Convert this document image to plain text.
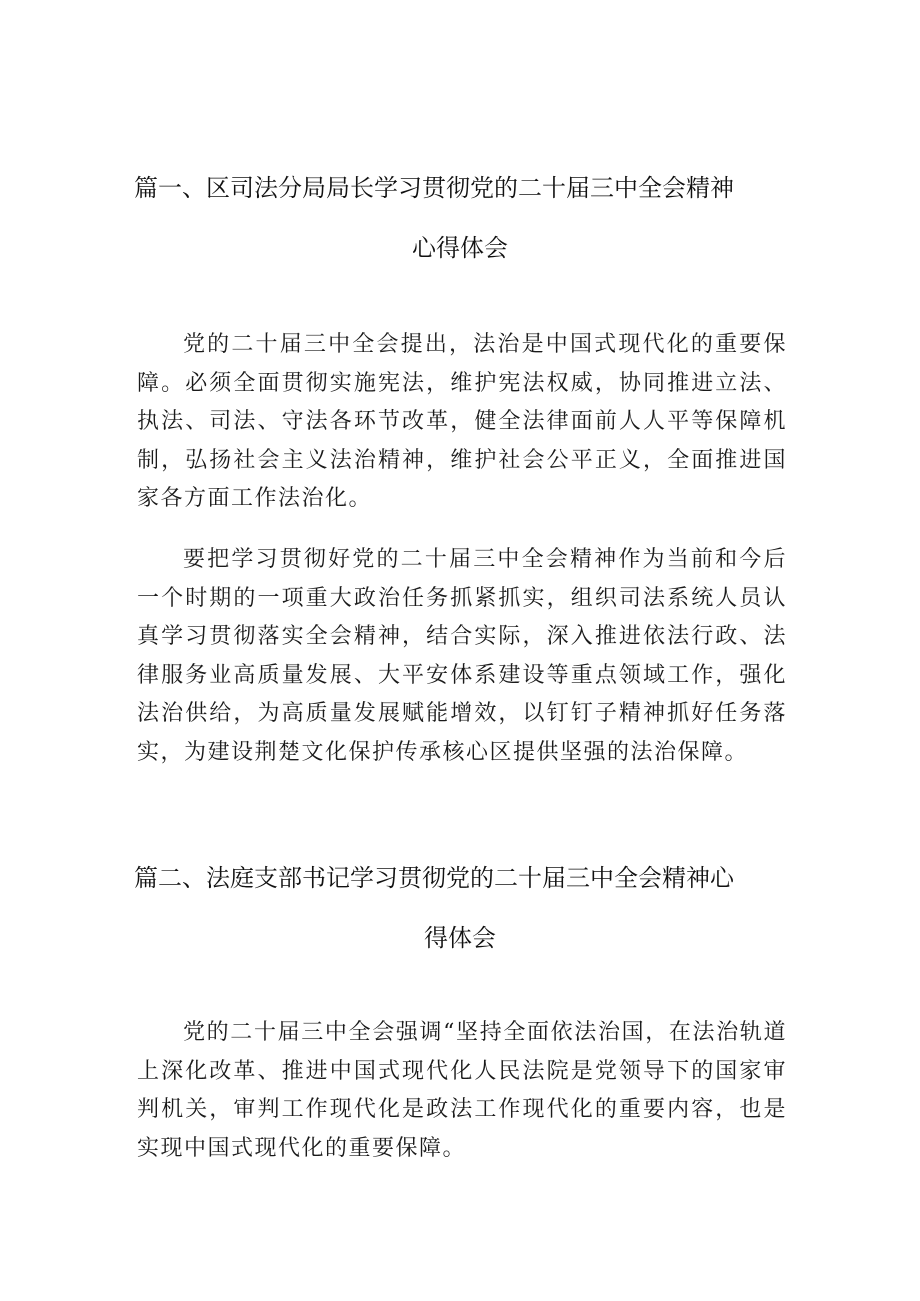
篇一、区司法分局局长学习贯彻党的二十届三中全会精神
心得体会
党的二十届三中全会提出，法治是中国式现代化的重要保障。必须全面贯彻实施宪法，维护宪法权威，协同推进立法、执法、司法、守法各环节改革，健全法律面前人人平等保障机制，弘扬社会主义法治精神，维护社会公平正义，全面推进国家各方面工作法治化。
要把学习贯彻好党的二十届三中全会精神作为当前和今后一个时期的一项重大政治任务抓紧抓实，组织司法系统人员认真学习贯彻落实全会精神，结合实际，深入推进依法行政、法律服务业高质量发展、大平安体系建设等重点领域工作，强化法治供给，为高质量发展赋能增效，以钉钉子精神抓好任务落实，为建设荆楚文化保护传承核心区提供坚强的法治保障。
篇二、法庭支部书记学习贯彻党的二十届三中全会精神心
得体会
党的二十届三中全会强调“坚持全面依法治国，在法治轨道上深化改革、推进中国式现代化人民法院是党领导下的国家审判机关，审判工作现代化是政法工作现代化的重要内容，也是实现中国式现代化的重要保障。
